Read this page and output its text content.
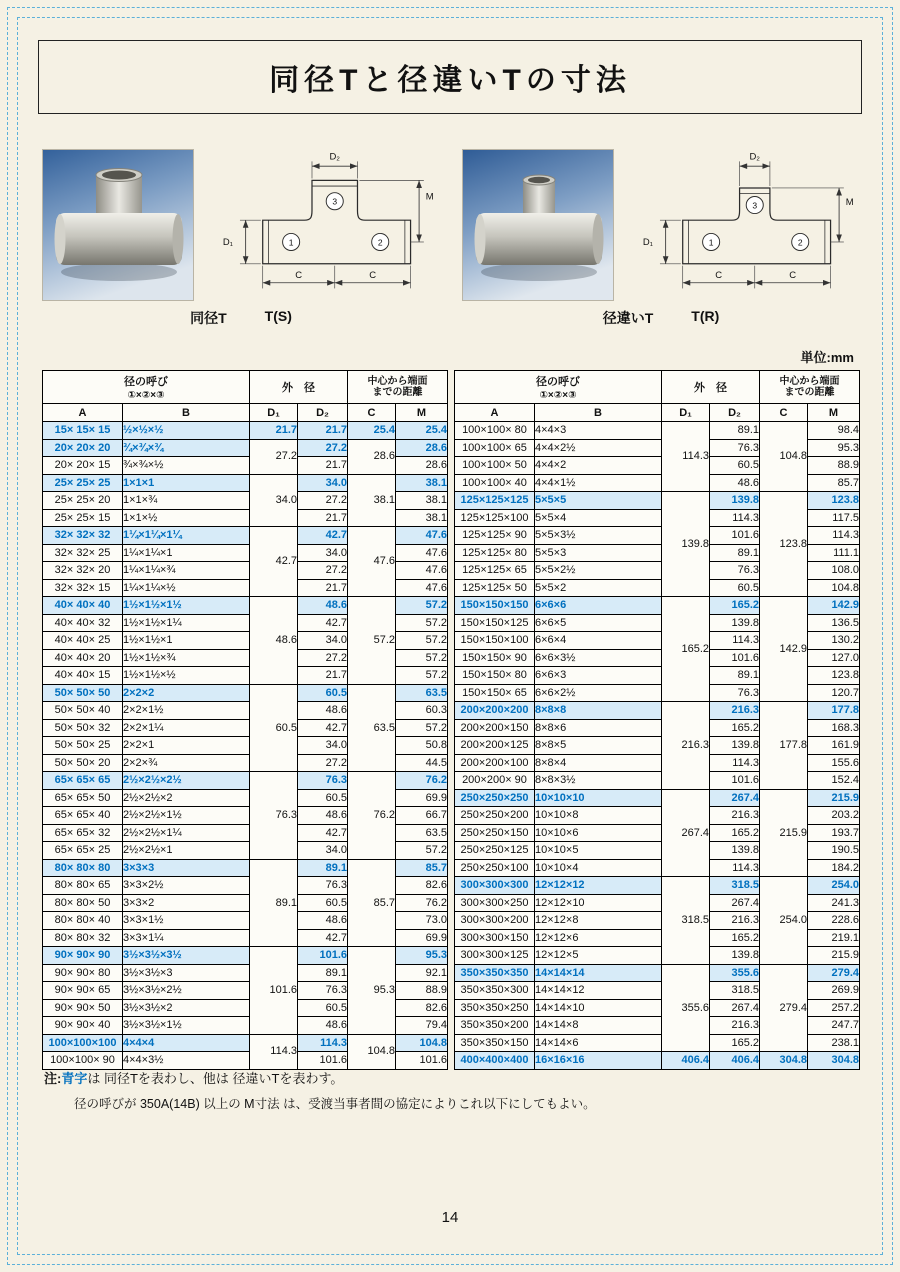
同径Tと径違いTの寸法
D₂
M
D₁
C	C
1	2
3
同径T	T(S)
D₂
M
D₁
C	C
1	2
3
径違いT	T(R)
単位:mm
径の呼び
①×②×③
	外　径	
中心から端面
までの距離

A	B	D₁	D₂	C	M
15× 15× 15	½×½×½	21.7	21.7	25.4	25.4
20× 20× 20	¾×¾×¾	27.2	27.2	28.6	28.6
20× 20× 15	¾×¾×½		21.7		28.6
25× 25× 25	1×1×1	34.0	34.0	38.1	38.1
25× 25× 20	1×1×¾		27.2		38.1
25× 25× 15	1×1×½		21.7		38.1
32× 32× 32	1¼×1¼×1¼	42.7	42.7	47.6	47.6
32× 32× 25	1¼×1¼×1		34.0		47.6
32× 32× 20	1¼×1¼×¾		27.2		47.6
32× 32× 15	1¼×1¼×½		21.7		47.6
40× 40× 40	1½×1½×1½	48.6	48.6	57.2	57.2
40× 40× 32	1½×1½×1¼		42.7		57.2
40× 40× 25	1½×1½×1		34.0		57.2
40× 40× 20	1½×1½×¾		27.2		57.2
40× 40× 15	1½×1½×½		21.7		57.2
50× 50× 50	2×2×2	60.5	60.5	63.5	63.5
50× 50× 40	2×2×1½		48.6		60.3
50× 50× 32	2×2×1¼		42.7		57.2
50× 50× 25	2×2×1		34.0		50.8
50× 50× 20	2×2×¾		27.2		44.5
65× 65× 65	2½×2½×2½	76.3	76.3	76.2	76.2
65× 65× 50	2½×2½×2		60.5		69.9
65× 65× 40	2½×2½×1½		48.6		66.7
65× 65× 32	2½×2½×1¼		42.7		63.5
65× 65× 25	2½×2½×1		34.0		57.2
80× 80× 80	3×3×3	89.1	89.1	85.7	85.7
80× 80× 65	3×3×2½		76.3		82.6
80× 80× 50	3×3×2		60.5		76.2
80× 80× 40	3×3×1½		48.6		73.0
80× 80× 32	3×3×1¼		42.7		69.9
90× 90× 90	3½×3½×3½	101.6	101.6	95.3	95.3
90× 90× 80	3½×3½×3		89.1		92.1
90× 90× 65	3½×3½×2½		76.3		88.9
90× 90× 50	3½×3½×2		60.5		82.6
90× 90× 40	3½×3½×1½		48.6		79.4
100×100×100	4×4×4	114.3	114.3	104.8	104.8
100×100× 90	4×4×3½		101.6		101.6
径の呼び
①×②×③
	外　径	
中心から端面
までの距離

A	B	D₁	D₂	C	M
100×100× 80	4×4×3	114.3	89.1	104.8	98.4
100×100× 65	4×4×2½		76.3		95.3
100×100× 50	4×4×2		60.5		88.9
100×100× 40	4×4×1½		48.6		85.7
125×125×125	5×5×5	139.8	139.8	123.8	123.8
125×125×100	5×5×4		114.3		117.5
125×125× 90	5×5×3½		101.6		114.3
125×125× 80	5×5×3		89.1		111.1
125×125× 65	5×5×2½		76.3		108.0
125×125× 50	5×5×2		60.5		104.8
150×150×150	6×6×6	165.2	165.2	142.9	142.9
150×150×125	6×6×5		139.8		136.5
150×150×100	6×6×4		114.3		130.2
150×150× 90	6×6×3½		101.6		127.0
150×150× 80	6×6×3		89.1		123.8
150×150× 65	6×6×2½		76.3		120.7
200×200×200	8×8×8	216.3	216.3	177.8	177.8
200×200×150	8×8×6		165.2		168.3
200×200×125	8×8×5		139.8		161.9
200×200×100	8×8×4		114.3		155.6
200×200× 90	8×8×3½		101.6		152.4
250×250×250	10×10×10	267.4	267.4	215.9	215.9
250×250×200	10×10×8		216.3		203.2
250×250×150	10×10×6		165.2		193.7
250×250×125	10×10×5		139.8		190.5
250×250×100	10×10×4		114.3		184.2
300×300×300	12×12×12	318.5	318.5	254.0	254.0
300×300×250	12×12×10		267.4		241.3
300×300×200	12×12×8		216.3		228.6
300×300×150	12×12×6		165.2		219.1
300×300×125	12×12×5		139.8		215.9
350×350×350	14×14×14	355.6	355.6	279.4	279.4
350×350×300	14×14×12		318.5		269.9
350×350×250	14×14×10		267.4		257.2
350×350×200	14×14×8		216.3		247.7
350×350×150	14×14×6		165.2		238.1
400×400×400	16×16×16	406.4	406.4	304.8	304.8
注:青字は 同径Tを表わし、他は 径違いTを表わす。
径の呼びが 350A(14B) 以上の M寸法 は、受渡当事者間の協定によりこれ以下にしてもよい。
14
